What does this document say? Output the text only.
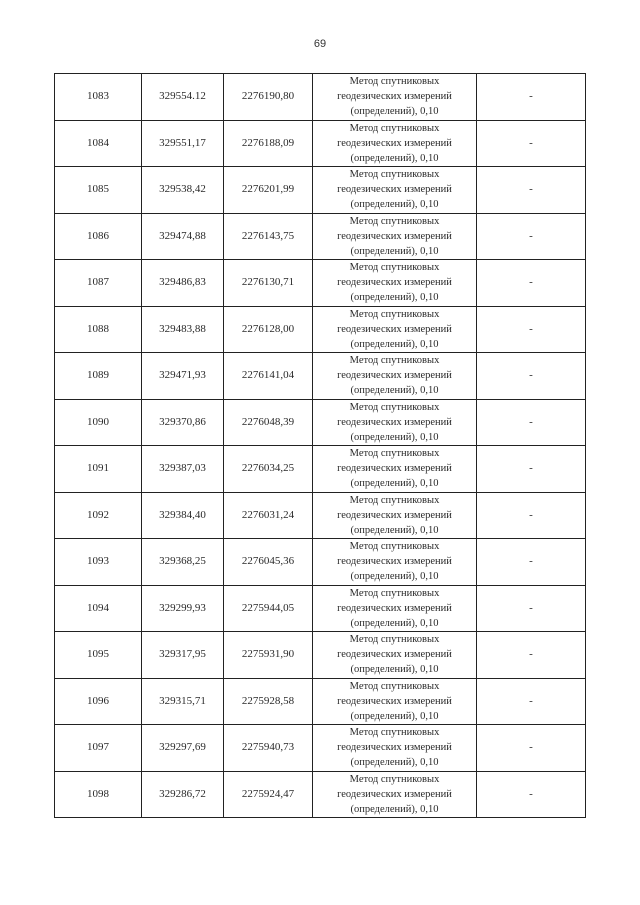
69
1083	329554.12	2276190,80	Метод спутниковых
геодезических измерений
(определений), 0,10	-
1084	329551,17	2276188,09	Метод спутниковых
геодезических измерений
(определений), 0,10	-
1085	329538,42	2276201,99	Метод спутниковых
геодезических измерений
(определений), 0,10	-
1086	329474,88	2276143,75	Метод спутниковых
геодезических измерений
(определений), 0,10	-
1087	329486,83	2276130,71	Метод спутниковых
геодезических измерений
(определений), 0,10	-
1088	329483,88	2276128,00	Метод спутниковых
геодезических измерений
(определений), 0,10	-
1089	329471,93	2276141,04	Метод спутниковых
геодезических измерений
(определений), 0,10	-
1090	329370,86	2276048,39	Метод спутниковых
геодезических измерений
(определений), 0,10	-
1091	329387,03	2276034,25	Метод спутниковых
геодезических измерений
(определений), 0,10	-
1092	329384,40	2276031,24	Метод спутниковых
геодезических измерений
(определений), 0,10	-
1093	329368,25	2276045,36	Метод спутниковых
геодезических измерений
(определений), 0,10	-
1094	329299,93	2275944,05	Метод спутниковых
геодезических измерений
(определений), 0,10	-
1095	329317,95	2275931,90	Метод спутниковых
геодезических измерений
(определений), 0,10	-
1096	329315,71	2275928,58	Метод спутниковых
геодезических измерений
(определений), 0,10	-
1097	329297,69	2275940,73	Метод спутниковых
геодезических измерений
(определений), 0,10	-
1098	329286,72	2275924,47	Метод спутниковых
геодезических измерений
(определений), 0,10	-
